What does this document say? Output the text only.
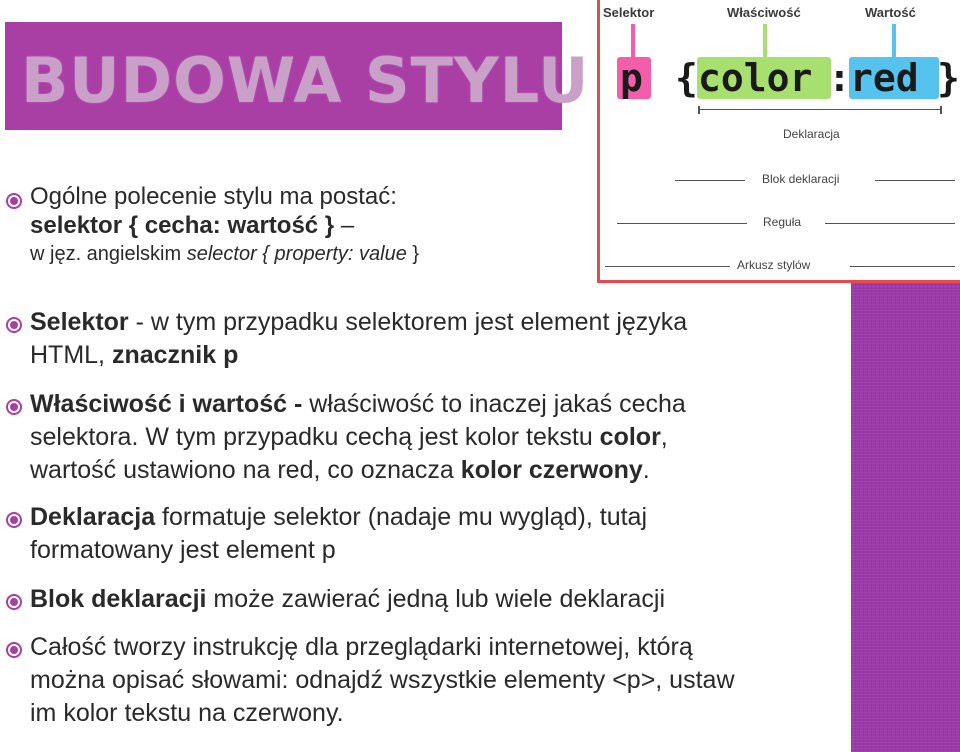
BUDOWA STYLU
Selektor	Właściwość	Wartość
p { color : red }
Deklaracja
Blok deklaracji
Reguła
Arkusz stylów
Ogólne polecenie stylu ma postać:
selektor { cecha: wartość } –
w jęz. angielskim selector { property: value }
Selektor - w tym przypadku selektorem jest element języka
HTML, znacznik p
Właściwość i wartość - właściwość to inaczej jakaś cecha
selektora. W tym przypadku cechą jest kolor tekstu color,
wartość ustawiono na red, co oznacza kolor czerwony.
Deklaracja formatuje selektor (nadaje mu wygląd), tutaj
formatowany jest element p
Blok deklaracji może zawierać jedną lub wiele deklaracji
Całość tworzy instrukcję dla przeglądarki internetowej, którą
można opisać słowami: odnajdź wszystkie elementy <p>, ustaw
im kolor tekstu na czerwony.
